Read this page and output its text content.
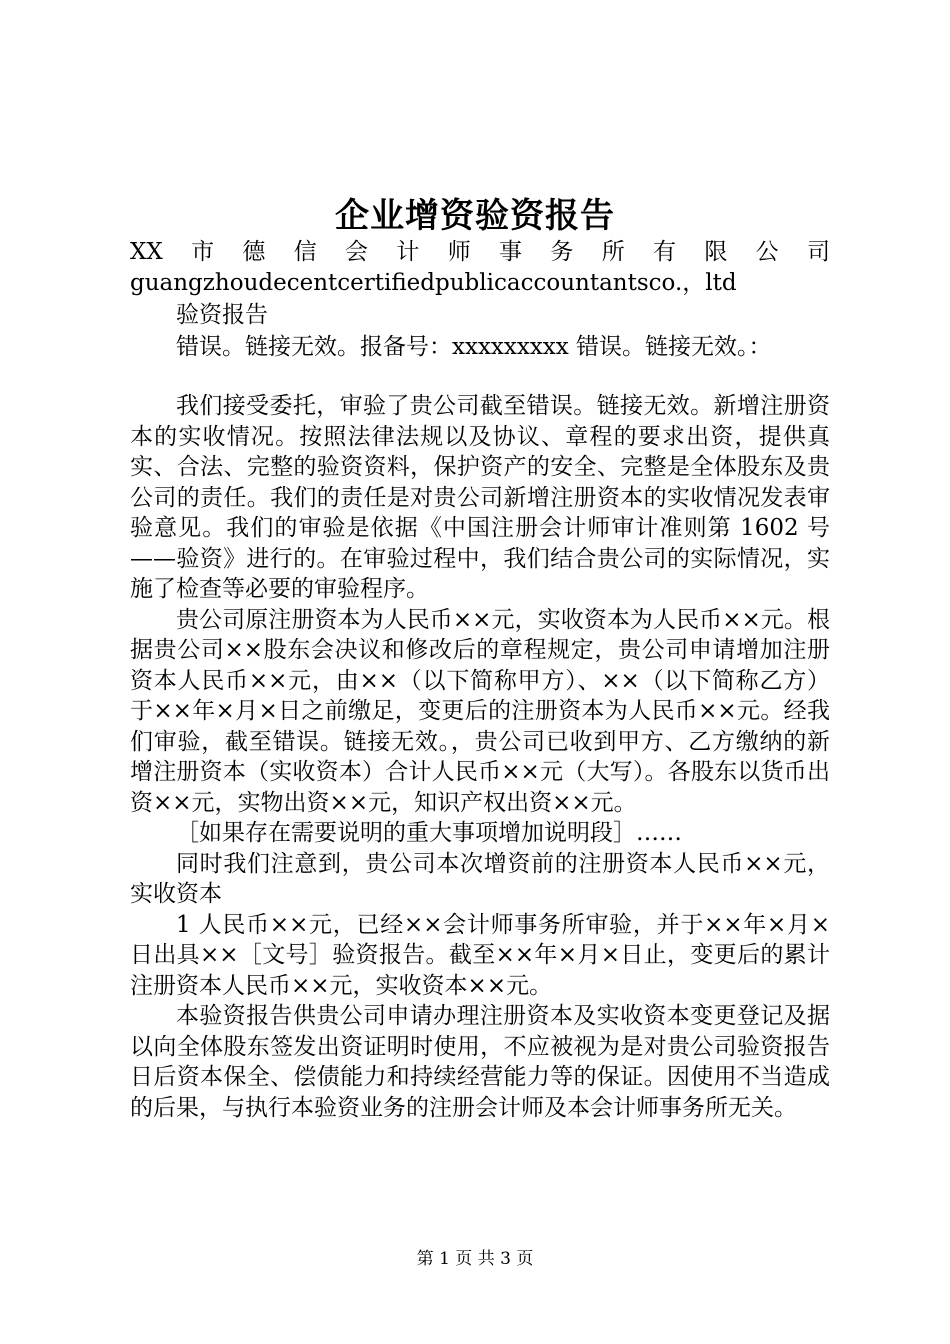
企业增资验资报告
XX　市　德　信　会　计　师　事　务　所　有　限　公　司
guangzhoudecentcertifiedpublicaccountantsco.，ltd
验资报告
错误。链接无效。报备号：xxxxxxxxx 错误。链接无效。：
我们接受委托，审验了贵公司截至错误。链接无效。新增注册资本的实收情况。按照法律法规以及协议、章程的要求出资，提供真实、合法、完整的验资资料，保护资产的安全、完整是全体股东及贵公司的责任。我们的责任是对贵公司新增注册资本的实收情况发表审验意见。我们的审验是依据《中国注册会计师审计准则第 1602 号——验资》进行的。在审验过程中，我们结合贵公司的实际情况，实施了检查等必要的审验程序。
贵公司原注册资本为人民币××元，实收资本为人民币××元。根据贵公司××股东会决议和修改后的章程规定，贵公司申请增加注册资本人民币××元，由××（以下简称甲方）、××（以下简称乙方）于××年×月×日之前缴足，变更后的注册资本为人民币××元。经我们审验，截至错误。链接无效。，贵公司已收到甲方、乙方缴纳的新增注册资本（实收资本）合计人民币××元（大写）。各股东以货币出资××元，实物出资××元，知识产权出资××元。
［如果存在需要说明的重大事项增加说明段］……
同时我们注意到，贵公司本次增资前的注册资本人民币××元，实收资本
1 人民币××元，已经××会计师事务所审验，并于××年×月×日出具××［文号］验资报告。截至××年×月×日止，变更后的累计注册资本人民币××元，实收资本××元。
本验资报告供贵公司申请办理注册资本及实收资本变更登记及据以向全体股东签发出资证明时使用，不应被视为是对贵公司验资报告日后资本保全、偿债能力和持续经营能力等的保证。因使用不当造成的后果，与执行本验资业务的注册会计师及本会计师事务所无关。
第 1 页 共 3 页
